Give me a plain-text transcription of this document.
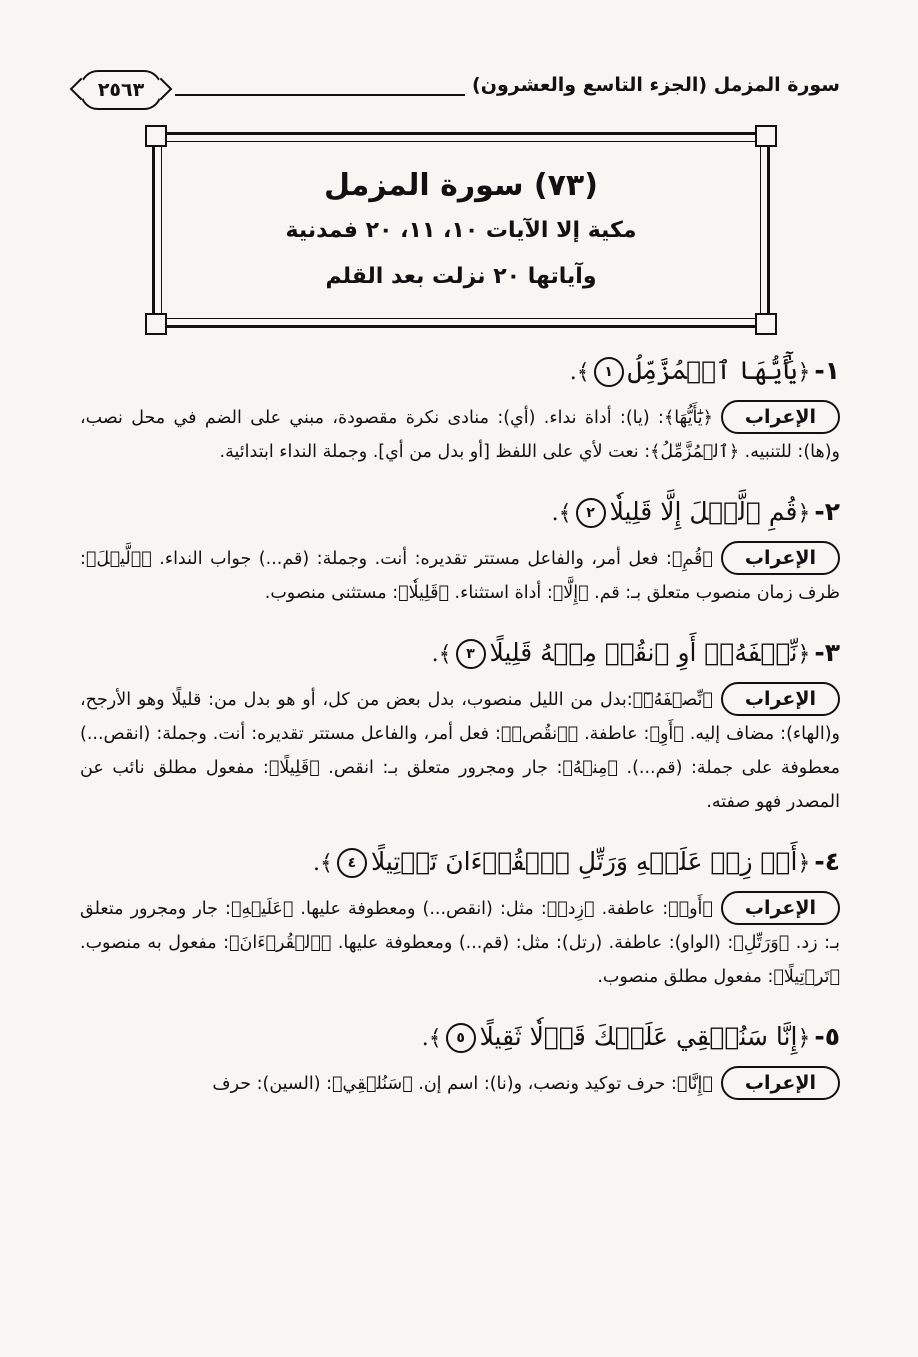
سورة المزمل (الجزء التاسع والعشرون)
٢٥٦٣
(٧٣) سورة المزمل
مكية إلا الآيات ١٠، ١١، ٢٠ فمدنية
وآياتها ٢٠ نزلت بعد القلم
١-﴿يَٰٓأَيُّهَا ٱلۡمُزَّمِّلُ١﴾.
الإعراب﴿يَٰٓأَيُّهَا﴾: (يا): أداة نداء. (أي): منادى نكرة مقصودة، مبني على الضم في محل نصب، و(ها): للتنبيه. ﴿ٱلۡمُزَّمِّلُ﴾: نعت لأي على اللفظ [أو بدل من أي]. وجملة النداء ابتدائية.
٢-﴿قُمِ ٱلَّيۡلَ إِلَّا قَلِيلٗا٢﴾.
الإعراب﴿قُمِ﴾: فعل أمر، والفاعل مستتر تقديره: أنت. وجملة: (قم...) جواب النداء. ﴿ٱلَّيۡلَ﴾: ظرف زمان منصوب متعلق بـ: قم. ﴿إِلَّا﴾: أداة استثناء. ﴿قَلِيلٗا﴾: مستثنى منصوب.
٣-﴿نِّصۡفَهُۥٓ أَوِ ٱنقُصۡ مِنۡهُ قَلِيلًا٣﴾.
الإعراب﴿نِّصۡفَهُۥٓ﴾:بدل من الليل منصوب، بدل بعض من كل، أو هو بدل من: قليلًا وهو الأرجح، و(الهاء): مضاف إليه. ﴿أَوِ﴾: عاطفة. ﴿ٱنقُصۡ﴾: فعل أمر، والفاعل مستتر تقديره: أنت. وجملة: (انقص...) معطوفة على جملة: (قم...). ﴿مِنۡهُ﴾: جار ومجرور متعلق بـ: انقص. ﴿قَلِيلًا﴾: مفعول مطلق نائب عن المصدر فهو صفته.
٤-﴿أَوۡ زِدۡ عَلَيۡهِ وَرَتِّلِ ٱلۡقُرۡءَانَ تَرۡتِيلًا٤﴾.
الإعراب﴿أَوۡ﴾: عاطفة. ﴿زِدۡ﴾: مثل: (انقص...) ومعطوفة عليها. ﴿عَلَيۡهِ﴾: جار ومجرور متعلق بـ: زد. ﴿وَرَتِّلِ﴾: (الواو): عاطفة. (رتل): مثل: (قم...) ومعطوفة عليها. ﴿ٱلۡقُرۡءَانَ﴾: مفعول به منصوب. ﴿تَرۡتِيلًا﴾: مفعول مطلق منصوب.
٥-﴿إِنَّا سَنُلۡقِي عَلَيۡكَ قَوۡلٗا ثَقِيلًا٥﴾.
الإعراب﴿إِنَّا﴾: حرف توكيد ونصب، و(نا): اسم إن. ﴿سَنُلۡقِي﴾: (السين): حرف
